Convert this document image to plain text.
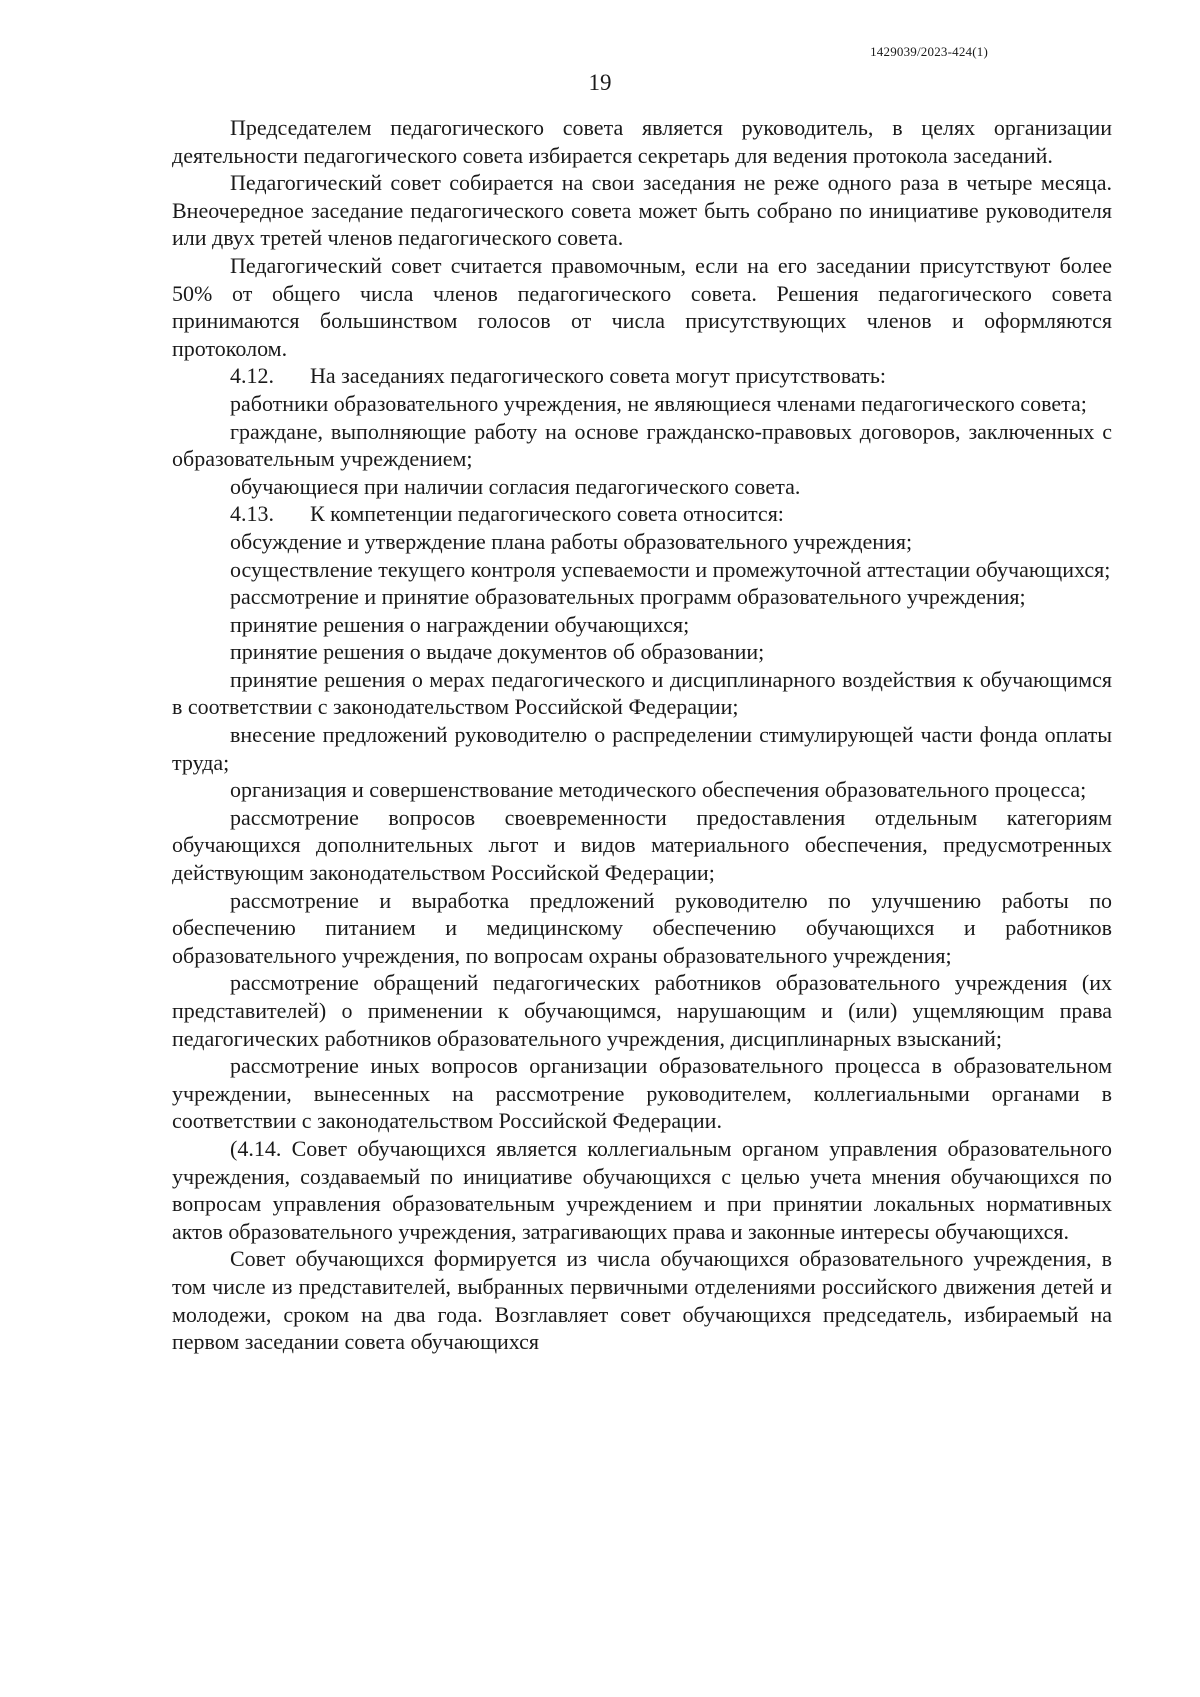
1429039/2023-424(1)
19

Председателем педагогического совета является руководитель, в целях организации деятельности педагогического совета избирается секретарь для ведения протокола заседаний.

Педагогический совет собирается на свои заседания не реже одного раза в четыре месяца. Внеочередное заседание педагогического совета может быть собрано по инициативе руководителя или двух третей членов педагогического совета.

Педагогический совет считается правомочным, если на его заседании присутствуют более 50% от общего числа членов педагогического совета. Решения педагогического совета принимаются большинством голосов от числа присутствующих членов и оформляются протоколом.

4.12. На заседаниях педагогического совета могут присутствовать:

работники образовательного учреждения, не являющиеся членами педагогического совета;

граждане, выполняющие работу на основе гражданско-правовых договоров, заключенных с образовательным учреждением;

обучающиеся при наличии согласия педагогического совета.

4.13. К компетенции педагогического совета относится:

обсуждение и утверждение плана работы образовательного учреждения;

осуществление текущего контроля успеваемости и промежуточной аттестации обучающихся;

рассмотрение и принятие образовательных программ образовательного учреждения;

принятие решения о награждении обучающихся;

принятие решения о выдаче документов об образовании;

принятие решения о мерах педагогического и дисциплинарного воздействия к обучающимся в соответствии с законодательством Российской Федерации;

внесение предложений руководителю о распределении стимулирующей части фонда оплаты труда;

организация и совершенствование методического обеспечения образовательного процесса;

рассмотрение вопросов своевременности предоставления отдельным категориям обучающихся дополнительных льгот и видов материального обеспечения, предусмотренных действующим законодательством Российской Федерации;

рассмотрение и выработка предложений руководителю по улучшению работы по обеспечению питанием и медицинскому обеспечению обучающихся и работников образовательного учреждения, по вопросам охраны образовательного учреждения;

рассмотрение обращений педагогических работников образовательного учреждения (их представителей) о применении к обучающимся, нарушающим и (или) ущемляющим права педагогических работников образовательного учреждения, дисциплинарных взысканий;

рассмотрение иных вопросов организации образовательного процесса в образовательном учреждении, вынесенных на рассмотрение руководителем, коллегиальными органами в соответствии с законодательством Российской Федерации.

(4.14. Совет обучающихся является коллегиальным органом управления образовательного учреждения, создаваемый по инициативе обучающихся с целью учета мнения обучающихся по вопросам управления образовательным учреждением и при принятии локальных нормативных актов образовательного учреждения, затрагивающих права и законные интересы обучающихся.

Совет обучающихся формируется из числа обучающихся образовательного учреждения, в том числе из представителей, выбранных первичными отделениями российского движения детей и молодежи, сроком на два года. Возглавляет совет обучающихся председатель, избираемый на первом заседании совета обучающихся
